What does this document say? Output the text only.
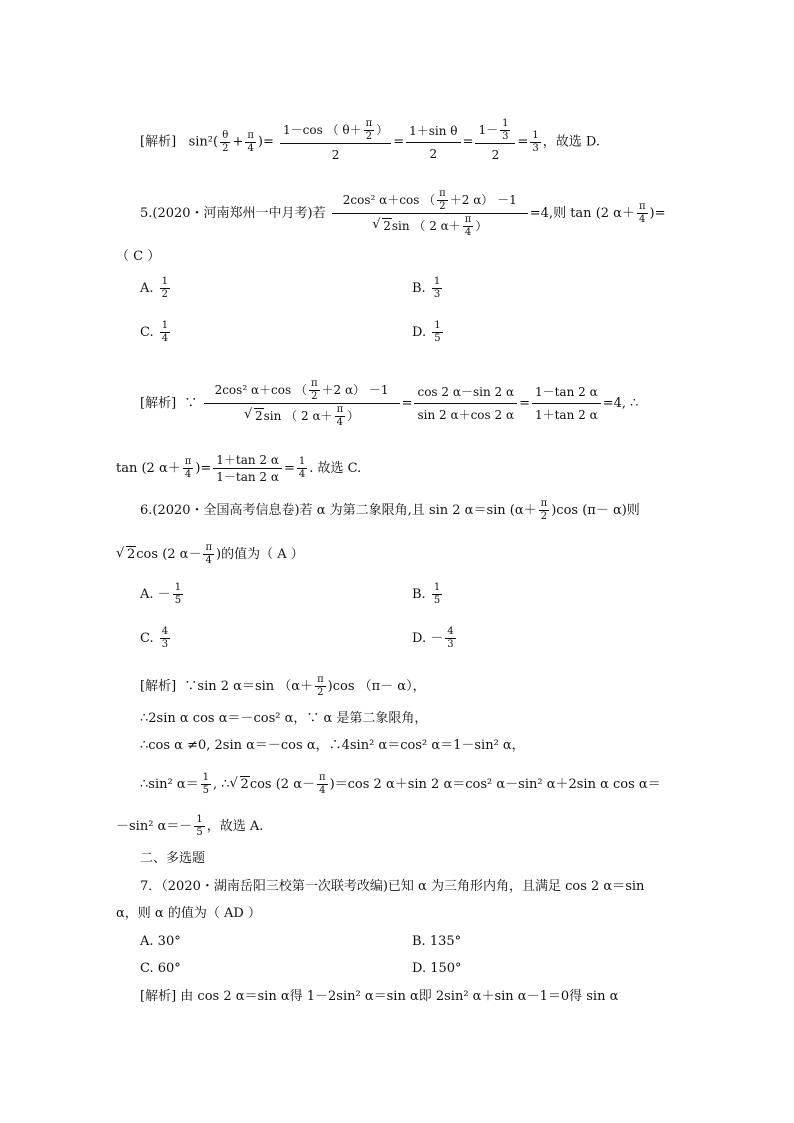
[解析] $\sin^2( \frac{\theta}{2} + \frac{\pi}{4}$ )= $\frac{1-\cos ( \theta+ \frac{\pi}{2} )}{2} = \frac{\text{1＋sin θ}}{2} = \frac{1- \frac{1}{3}}{2} = \frac{1}{3}$ ，故选 D.
5.(2020・河南郑州一中月考)若 2cos² α＋cos （ $\frac{\pi}{2} +2$ α） －1
√ 2sin （ 2 $\alpha+ \frac{\pi}{4}$ ） =4,则 tan (2 $\alpha+ \frac{\pi}{4}$ )=
（ C ）
A. $\frac{1}{2}$	B. $\frac{1}{3}$
C. $\frac{1}{4}$	D. $\frac{1}{5}$
[解析] ∵ 2cos² α＋cos （ $\frac{\pi}{2} +2$ α） －1
√ 2sin （ 2 $\alpha+ \frac{\pi}{4}$ ） = $\frac{\cos 2 \alpha-\sin 2 \alpha}{\sin 2 \alpha+\cos 2 \alpha} = \frac{1-\tan 2 \alpha}{1+\tan 2 \alpha} =4$, ∴
tan (2 $\alpha+ \frac{\pi}{4}$ )= $\frac{1+\tan 2 \alpha}{1-\tan 2 \alpha} = \frac{1}{4}$ . 故选 C.
6.(2020・全国高考信息卷)若 α 为第二象限角,且 sin 2 α＝sin $(\alpha+ \frac{\pi}{2} )\cos$ (π－ α)则
√ 2cos (2 $\alpha- \frac{\pi}{4}$ )的值为（ A ）
A. － $\frac{1}{5}$	B. $\frac{1}{5}$
C. $\frac{4}{3}$	D. － $\frac{4}{3}$
[解析] ∵sin 2 α＝sin $(\alpha+ \frac{\pi}{2} )\cos$ （π－ α），
∴2sin α cos α＝－cos² α，∵ α 是第二象限角，
∴cos α ≠0, 2sin α＝－cos α，∴4sin² α＝cos² α＝1－sin² α，
∴sin² $\alpha= \frac{1}{5}$ , ∴√ 2cos (2 $\alpha- \frac{\pi}{4} )=\cos$ 2 α＋sin 2 α＝cos² α－sin² α＋2sin α cos α＝
－sin² $\alpha=- \frac{1}{5}$ ，故选 A.
二、多选题
7．（2020・湖南岳阳三校第一次联考改编)已知 α 为三角形内角，且满足 cos 2 α＝sin
α，则 α 的值为（ AD ）
A. 30°	B. 135°
C. 60°	D. 150°
[解析] 由 cos 2 α＝sin α得 1－2sin² α＝sin α即 2sin² α＋sin α－1＝0得 sin α
